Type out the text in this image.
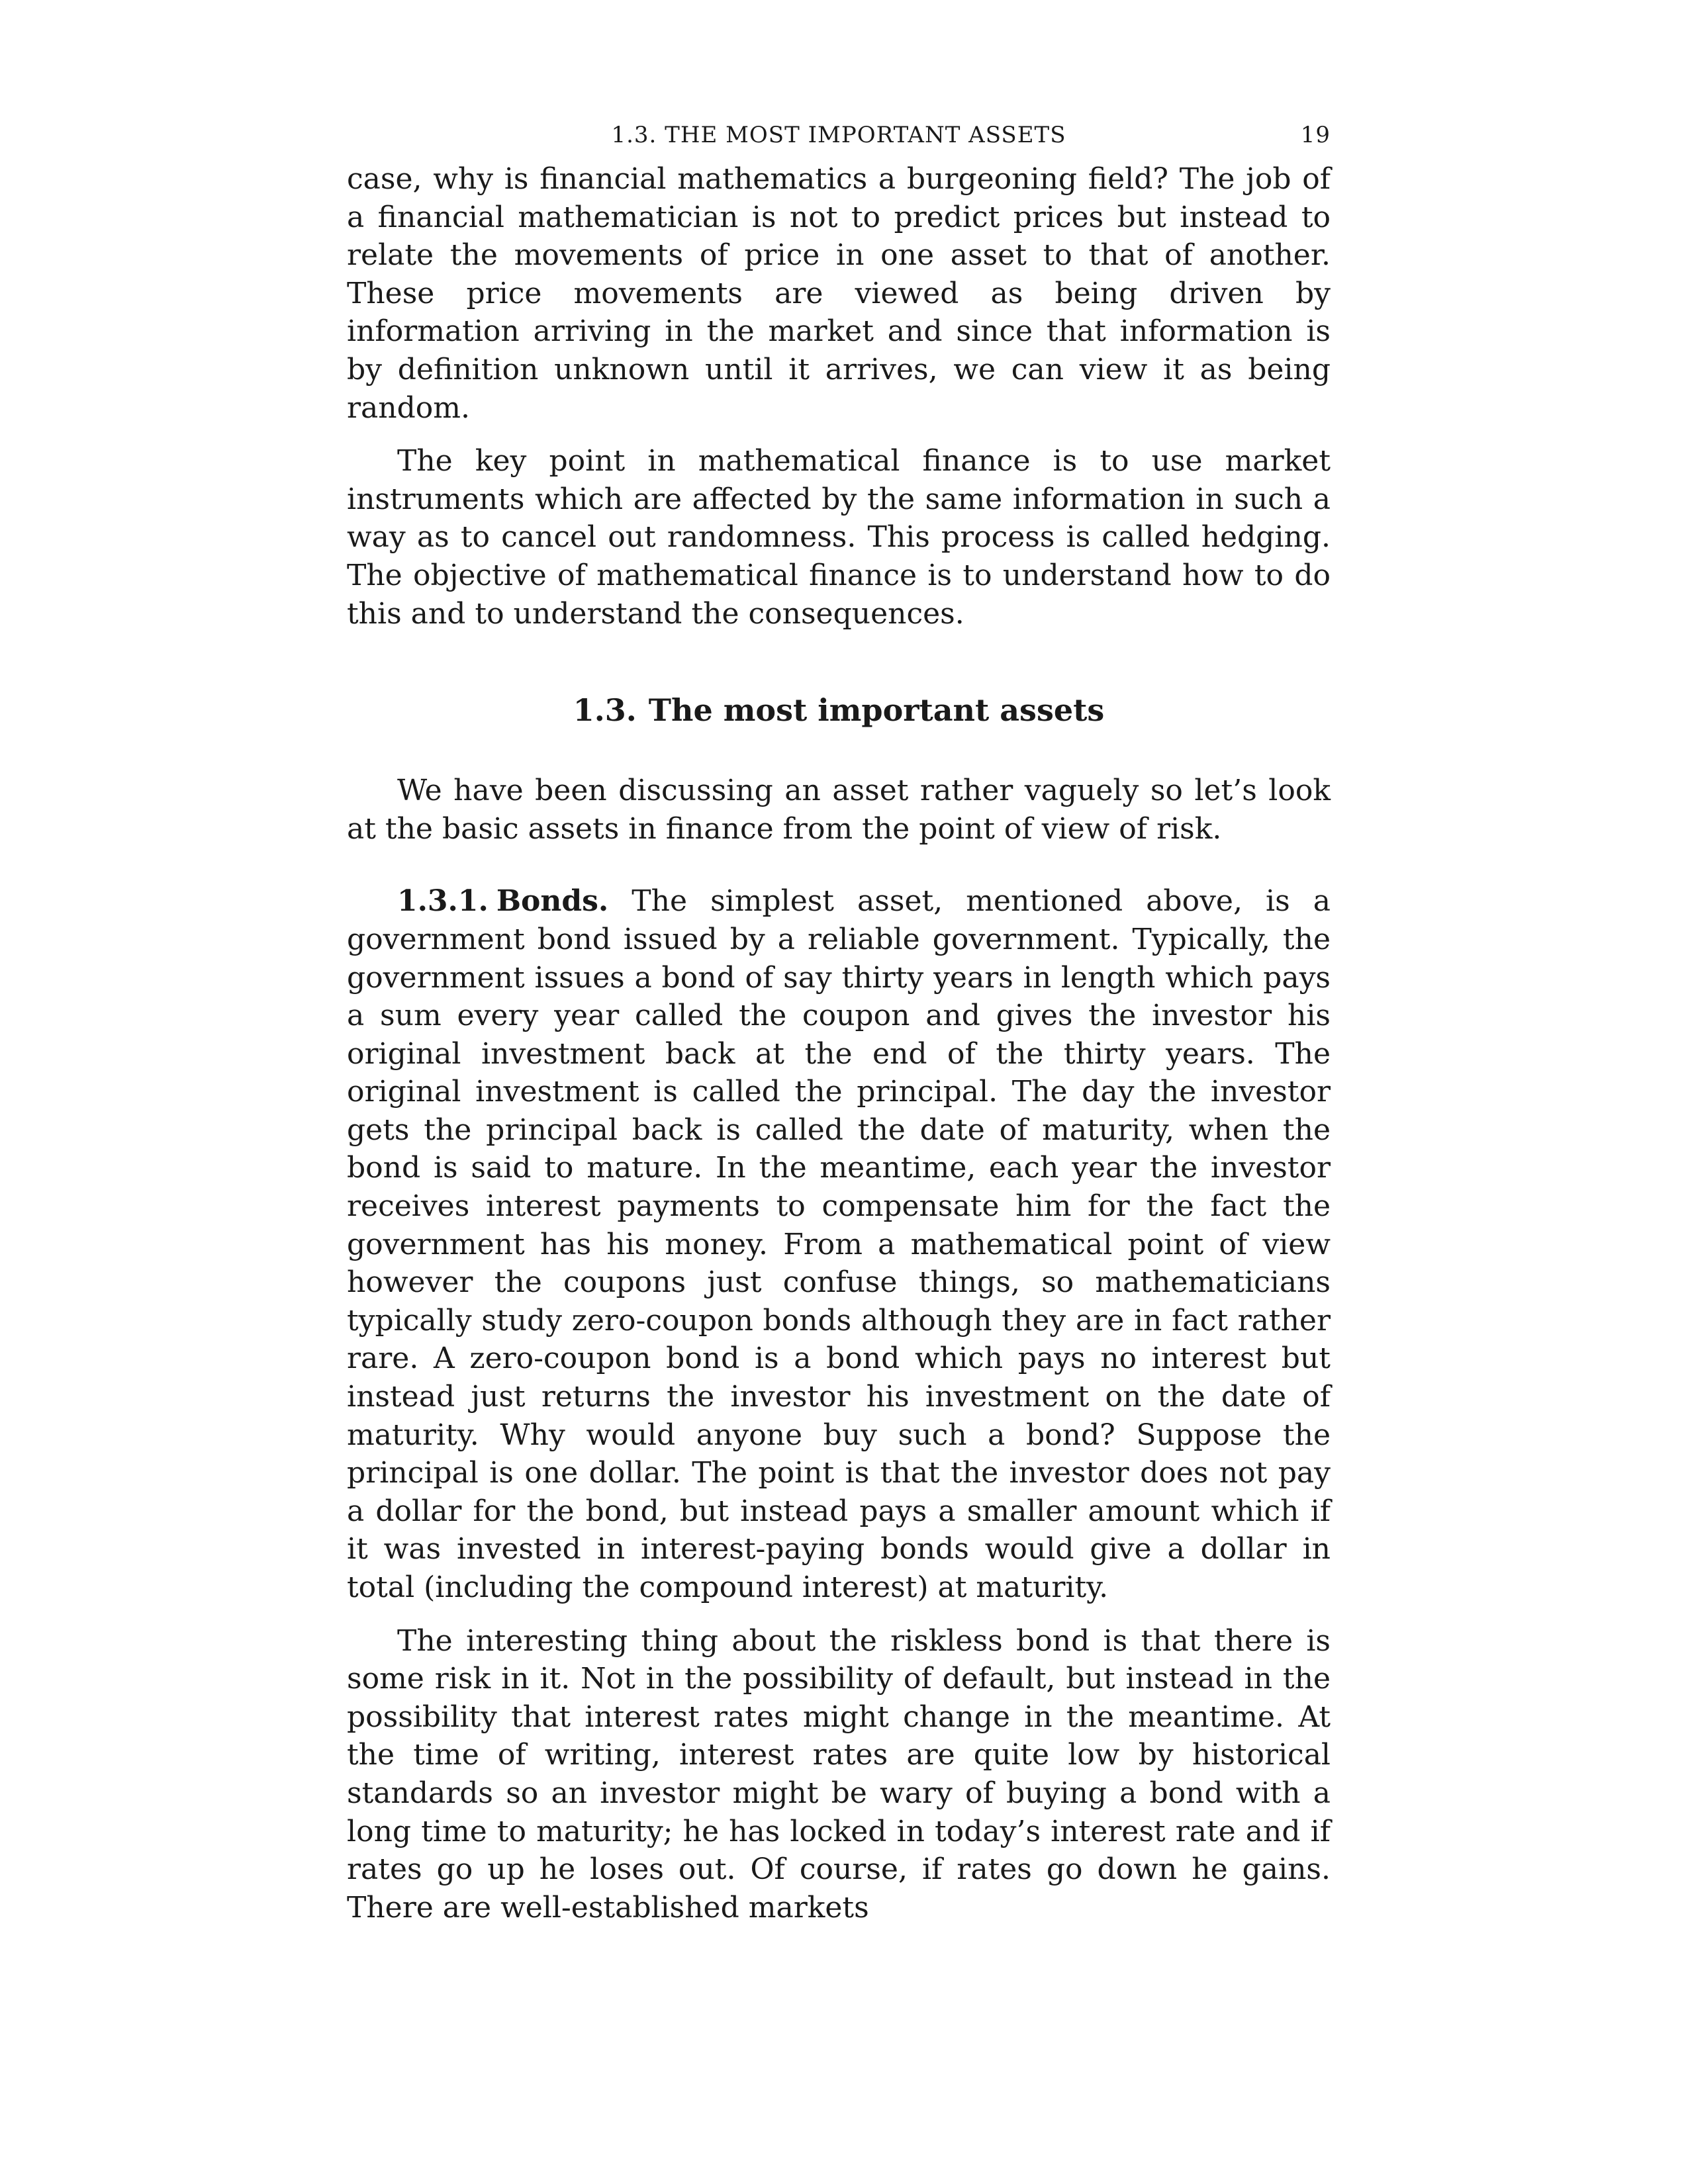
1.3. THE MOST IMPORTANT ASSETS	19

case, why is financial mathematics a burgeoning field? The job of a financial mathematician is not to predict prices but instead to relate the movements of price in one asset to that of another. These price movements are viewed as being driven by information arriving in the market and since that information is by definition unknown until it arrives, we can view it as being random.

The key point in mathematical finance is to use market instruments which are affected by the same information in such a way as to cancel out randomness. This process is called hedging. The objective of mathematical finance is to understand how to do this and to understand the consequences.

1.3. The most important assets

We have been discussing an asset rather vaguely so let’s look at the basic assets in finance from the point of view of risk.

1.3.1. Bonds. The simplest asset, mentioned above, is a government bond issued by a reliable government. Typically, the government issues a bond of say thirty years in length which pays a sum every year called the coupon and gives the investor his original investment back at the end of the thirty years. The original investment is called the principal. The day the investor gets the principal back is called the date of maturity, when the bond is said to mature. In the meantime, each year the investor receives interest payments to compensate him for the fact the government has his money. From a mathematical point of view however the coupons just confuse things, so mathematicians typically study zero-coupon bonds although they are in fact rather rare. A zero-coupon bond is a bond which pays no interest but instead just returns the investor his investment on the date of maturity. Why would anyone buy such a bond? Suppose the principal is one dollar. The point is that the investor does not pay a dollar for the bond, but instead pays a smaller amount which if it was invested in interest-paying bonds would give a dollar in total (including the compound interest) at maturity.

The interesting thing about the riskless bond is that there is some risk in it. Not in the possibility of default, but instead in the possibility that interest rates might change in the meantime. At the time of writing, interest rates are quite low by historical standards so an investor might be wary of buying a bond with a long time to maturity; he has locked in today’s interest rate and if rates go up he loses out. Of course, if rates go down he gains. There are well-established markets
